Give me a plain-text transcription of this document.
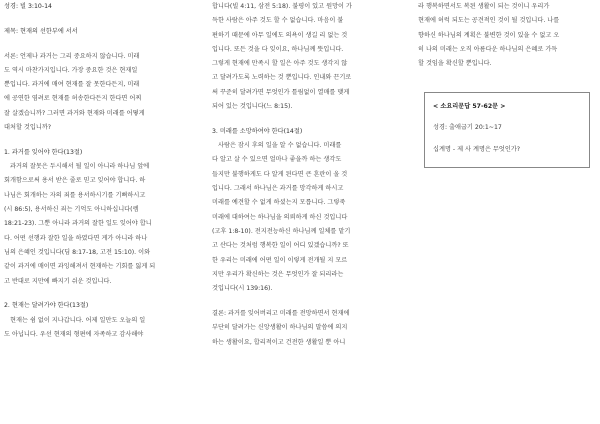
성경: 빌 3:10-14
제목: 현재의 선한부에 서서
서론: 언제나 과거는 그리 중요하지 않습니다. 미래
도 역시 마찬가지입니다. 가장 중요한 것은 현재일
뿐입니다. 과거에 매여 현재를 잘 못한다든지, 미래
에 공연한 염려로 현재를 허송한다든지 한다면 어찌
잘 살겠습니까? 그러면 과거와 현재와 미래를 어떻게
대처할 것입니까?
1. 과거를 잊어야 한다(13절)
과거의 잘못은 두시해서 될 일이 아니라 하나님 앞에
회개함으로써 용서 받은 줄로 믿고 잊어야 합니다. 하
나님은 회개하는 자의 죄를 용서하시기를 기뻐하시고
(시 86:5), 용서하신 죄는 기억도 아니하십니다(렘
18:21-23). 그뿐 아니라 과거의 잘한 일도 잊어야 합니
다. 어떤 선행과 잘한 일을 하였다면 게가 아니라 하나
님의 은혜인 것입니다(딤 8:17-18, 고전 15:10). 이와
같이 과거에 매이면 과잉해져서 현재하는 기회를 잃게 되
고 반대로 지만에 빠지기 쉬운 것입니다.
2. 현재는 달려가야 한다(13절)
현재는 쉼 없이 지나갑니다. 어제 일만도 오늘의 일
도 아닙니다. 우선 현재의 형편에 자족하고 감사해야
합니다(빌 4:11, 삼전 5:18). 불평이 있고 원망이 가
득한 사람은 아주 것도 할 수 없습니다. 마음이 불
편하기 때문에 아무 일에도 의욕이 생길 리 없는 것
입니다. 또든 것을 다 잊이요, 하나님께 뜻입니다.
그렇게 현재에 만족시 할 일은 아주 것도 생각지 않
고 달려가도록 노력하는 것 뿐입니다. 인내와 끈기로
써 꾸준히 달려가면 무엇인가 틀림없이 열매를 맺게
되어 있는 것입니다(느 8:15).
3. 미래를 소망하여야 한다(14절)
사람은 잠시 후의 일을 알 수 없습니다. 미래를
다 알고 살 수 있으면 얼마나 좋을까 하는 생각도
들지만 불행하게도 다 알게 된다면 큰 혼란이 올 것
입니다. 그래서 하나님은 과거를 망각하게 하시고
미래를 예견할 수 없게 하셨는지 모릅니다. 그렇죽
미래에 대하여는 하나님을 의뢰하게 하신 것입니다
(고후 1:8-10). 전지전능하신 하나님께 일체를 맡기
고 산다는 것처럼 행복한 일이 어디 있겠습니까? 또
한 우리는 미래에 어떤 일이 이렇게 전개될 지 모르
지만 우리가 확신하는 것은 무엇인가 잘 되리라는
것입니다(시 139:16).
결론: 과거를 잊어버리고 미래를 전망하면서 현재에
부단히 달려가는 신앙생활이 하나님의 말씀에 의지
하는 생활이요, 합리적이고 건전한 생활일 뿐 아니
라 행복하면서도 복된 생활이 되는 것이니 우리가
현재에 허럭 되도는 공견적인 것이 될 것입니다. 나를
향하신 하나님의 계획은 불변한 것이 있을 수 없고 오
히 나의 미래는 오직 아름다운 하나님의 은혜로 가득
할 것임을 확신할 뿐입니다.
< 소요리문답 57-62문 >
성경: 출애굽기 20:1~17
십계명 - 제 사 계명은 무엇인가?
